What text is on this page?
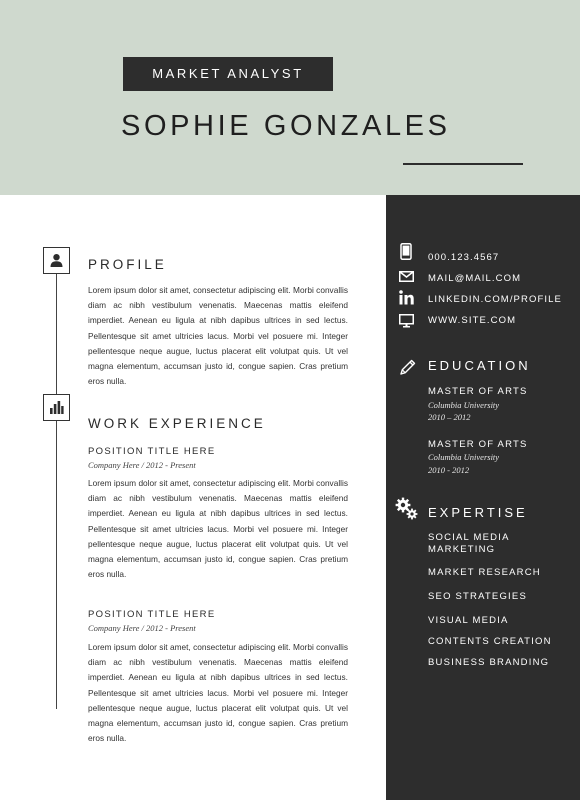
MARKET ANALYST
SOPHIE GONZALES
PROFILE
Lorem ipsum dolor sit amet, consectetur adipiscing elit. Morbi convallis diam ac nibh vestibulum venenatis. Maecenas mattis eleifend imperdiet. Aenean eu ligula at nibh dapibus ultrices in sed lectus. Pellentesque sit amet ultricies lacus. Morbi vel posuere mi. Integer pellentesque neque augue, luctus placerat elit volutpat quis. Ut vel magna elementum, accumsan justo id, congue sapien. Cras pretium eros nulla.
WORK EXPERIENCE
POSITION TITLE HERE
Company Here / 2012 - Present
Lorem ipsum dolor sit amet, consectetur adipiscing elit. Morbi convallis diam ac nibh vestibulum venenatis. Maecenas mattis eleifend imperdiet. Aenean eu ligula at nibh dapibus ultrices in sed lectus. Pellentesque sit amet ultricies lacus. Morbi vel posuere mi. Integer pellentesque neque augue, luctus placerat elit volutpat quis. Ut vel magna elementum, accumsan justo id, congue sapien. Cras pretium eros nulla.
POSITION TITLE HERE
Company Here / 2012 - Present
Lorem ipsum dolor sit amet, consectetur adipiscing elit. Morbi convallis diam ac nibh vestibulum venenatis. Maecenas mattis eleifend imperdiet. Aenean eu ligula at nibh dapibus ultrices in sed lectus. Pellentesque sit amet ultricies lacus. Morbi vel posuere mi. Integer pellentesque neque augue, luctus placerat elit volutpat quis. Ut vel magna elementum, accumsan justo id, congue sapien. Cras pretium eros nulla.
000.123.4567
MAIL@MAIL.COM
LINKEDIN.COM/PROFILE
WWW.SITE.COM
EDUCATION
MASTER OF ARTS
Columbia University
2010 – 2012
MASTER OF ARTS
Columbia University
2010 - 2012
EXPERTISE
SOCIAL MEDIA MARKETING
MARKET RESEARCH
SEO STRATEGIES
VISUAL MEDIA
CONTENTS CREATION
BUSINESS BRANDING
